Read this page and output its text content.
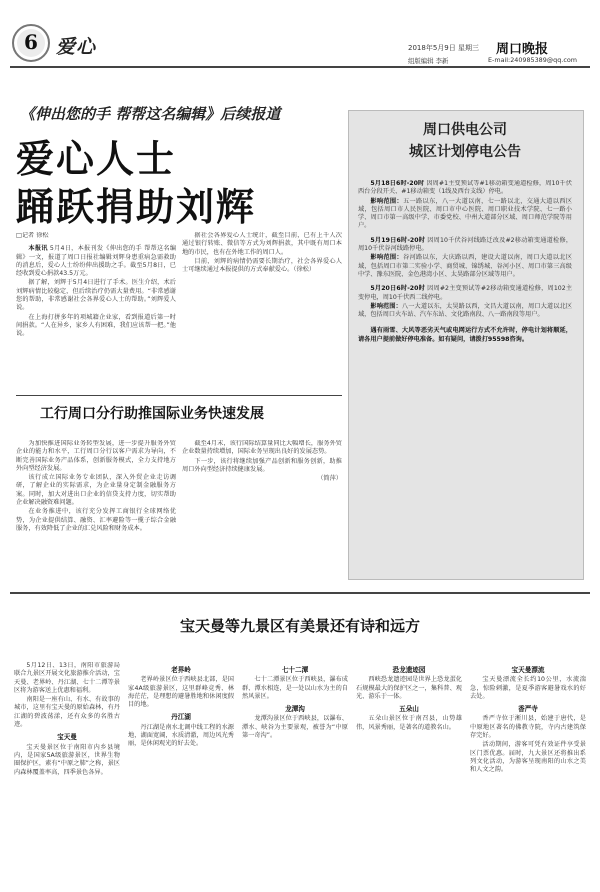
6 爱心	2018年5月9日 星期三 周口晚报
组版编辑 李新	E-mail:240985389@qq.com
《伸出您的手 帮帮这名编辑》后续报道
爱心人士
踊跃捐助刘辉

□记者 徐松

本报讯 5月4日，本报刊发《伸出您的手 帮帮这名编辑》一文，报道了周口日报社编辑刘辉身患重病急需救助的消息后，爱心人士纷纷伸出援助之手。截至5月8日，已经收到爱心捐款43.5万元。

据了解，刘辉于5月4日进行了手术。医生介绍，术后刘辉病情比较稳定，但后续治疗仍需大量费用。“非常感谢您的帮助，非常感谢社会各界爱心人士的帮助。”刘辉爱人说。

在上海打拼多年的项城籍企业家，看到报道后第一时间捐款。“人在异乡，家乡人有困难，我们应该帮一把。”他说。

据社会各界爱心人士统计，截至目前，已有上千人次通过银行转账、微信等方式为刘辉捐款，其中既有周口本地的市民，也有在外地工作的周口人。

目前，刘辉的病情仍需要长期治疗，社会各界爱心人士可继续通过本报提供的方式奉献爱心。（徐松）

周口供电公司
城区计划停电公告

5月18日6时-20时 因周#1主变预试等#1移动箱变通道检修，周10千伏西台分段开关、#1移动箱变（1线及西台支线）停电。

影响范围：五一路以东，八一大道以南，七一路以北，交通大道以西区域，包括周口市人民医院、周口市中心医院、周口职业技术学院、七一路小学、周口市第一高级中学、市委党校、中州大道部分区域、周口师范学院等用户。

5月19日6时-20时 因周10千伏谷河线路迁改及#2移动箱变通道检修，周10千伏谷河线路停电。

影响范围：谷河路以东，大庆路以西，建设大道以南，周口大道以北区域，包括周口市第二实验小学、商贸城、锦绣城、谷河小区、周口市第三高级中学、豫东医院、金色港湾小区、太昊路部分区域等用户。

5月20日6时-20时 因周#2主变预试等#2移动箱变通道检修，周102主变停电，周10千伏西二线停电。

影响范围：八一大道以东，太昊路以西，文昌大道以南，周口大道以北区域，包括周口火车站、汽车东站、文化路南段、八一路南段等用户。

遇有雨雪、大风等恶劣天气或电网运行方式不允许时，停电计划将顺延，请各用户提前做好停电准备。如有疑问，请拨打95598咨询。

工行周口分行助推国际业务快速发展

为加快推进国际业务转型发展，进一步提升服务外贸企业的能力和水平，工行周口分行以客户需求为导向，不断完善国际业务产品体系，创新服务模式，全力支持地方外向型经济发展。

该行成立国际业务专业团队，深入外贸企业走访调研，了解企业的实际需求，为企业量身定制金融服务方案。同时，加大对进出口企业的信贷支持力度，切实帮助企业解决融资难问题。

在业务推进中，该行充分发挥工商银行全球网络优势，为企业提供结算、融资、汇率避险等一揽子综合金融服务，有效降低了企业的汇兑风险和财务成本。

截至4月末，该行国际结算量同比大幅增长，服务外贸企业数量持续增加，国际业务呈现出良好的发展态势。

下一步，该行将继续加强产品创新和服务创新，助推周口外向型经济持续健康发展。

（简萍）

宝天曼等九景区有美景还有诗和远方

5月12日、13日，南阳市旅游局联合九景区开展文化旅游推介活动，宝天曼、老界岭、丹江湖、七十二潭等景区将为游客送上优惠和福利。

南阳是一座有山、有水、有故事的城市，这里有宝天曼的原始森林，有丹江湖的碧波荡漾，还有众多的名胜古迹。

宝天曼

宝天曼景区位于南阳市内乡县境内，是国家5A级旅游景区，世界生物圈保护区，素有“中原之肺”之称，景区内森林覆盖率高，四季景色各异。

老界岭

老界岭景区位于西峡县北部，是国家4A级旅游景区，这里群峰竞秀、林海茫茫，是理想的避暑胜地和休闲度假目的地。

丹江湖

丹江湖是南水北调中线工程的水源地，湖面宽阔，水质清澈，周边风光秀丽，是休闲观光的好去处。

七十二潭

七十二潭景区位于西峡县，瀑布成群、潭水相连，是一处以山水为主的自然风景区。

龙潭沟

龙潭沟景区位于西峡县，以瀑布、潭水、峡谷为主要景观，被誉为“中原第一奇沟”。

恐龙遗迹园

西峡恐龙遗迹园是世界上恐龙蛋化石规模最大的保护区之一，集科普、观光、游乐于一体。

五朵山

五朵山景区位于南召县，山势雄伟，风景秀丽，是著名的道教名山。

宝天曼漂流

宝天曼漂流全长约10公里，水流湍急，惊险刺激，是夏季游客避暑戏水的好去处。

香严寺

香严寺位于淅川县，始建于唐代，是中原地区著名的佛教寺院，寺内古建筑保存完好。

活动期间，游客可凭有效证件享受景区门票优惠。届时，九大景区还将推出系列文化活动，为游客呈现南阳的山水之美和人文之韵。
